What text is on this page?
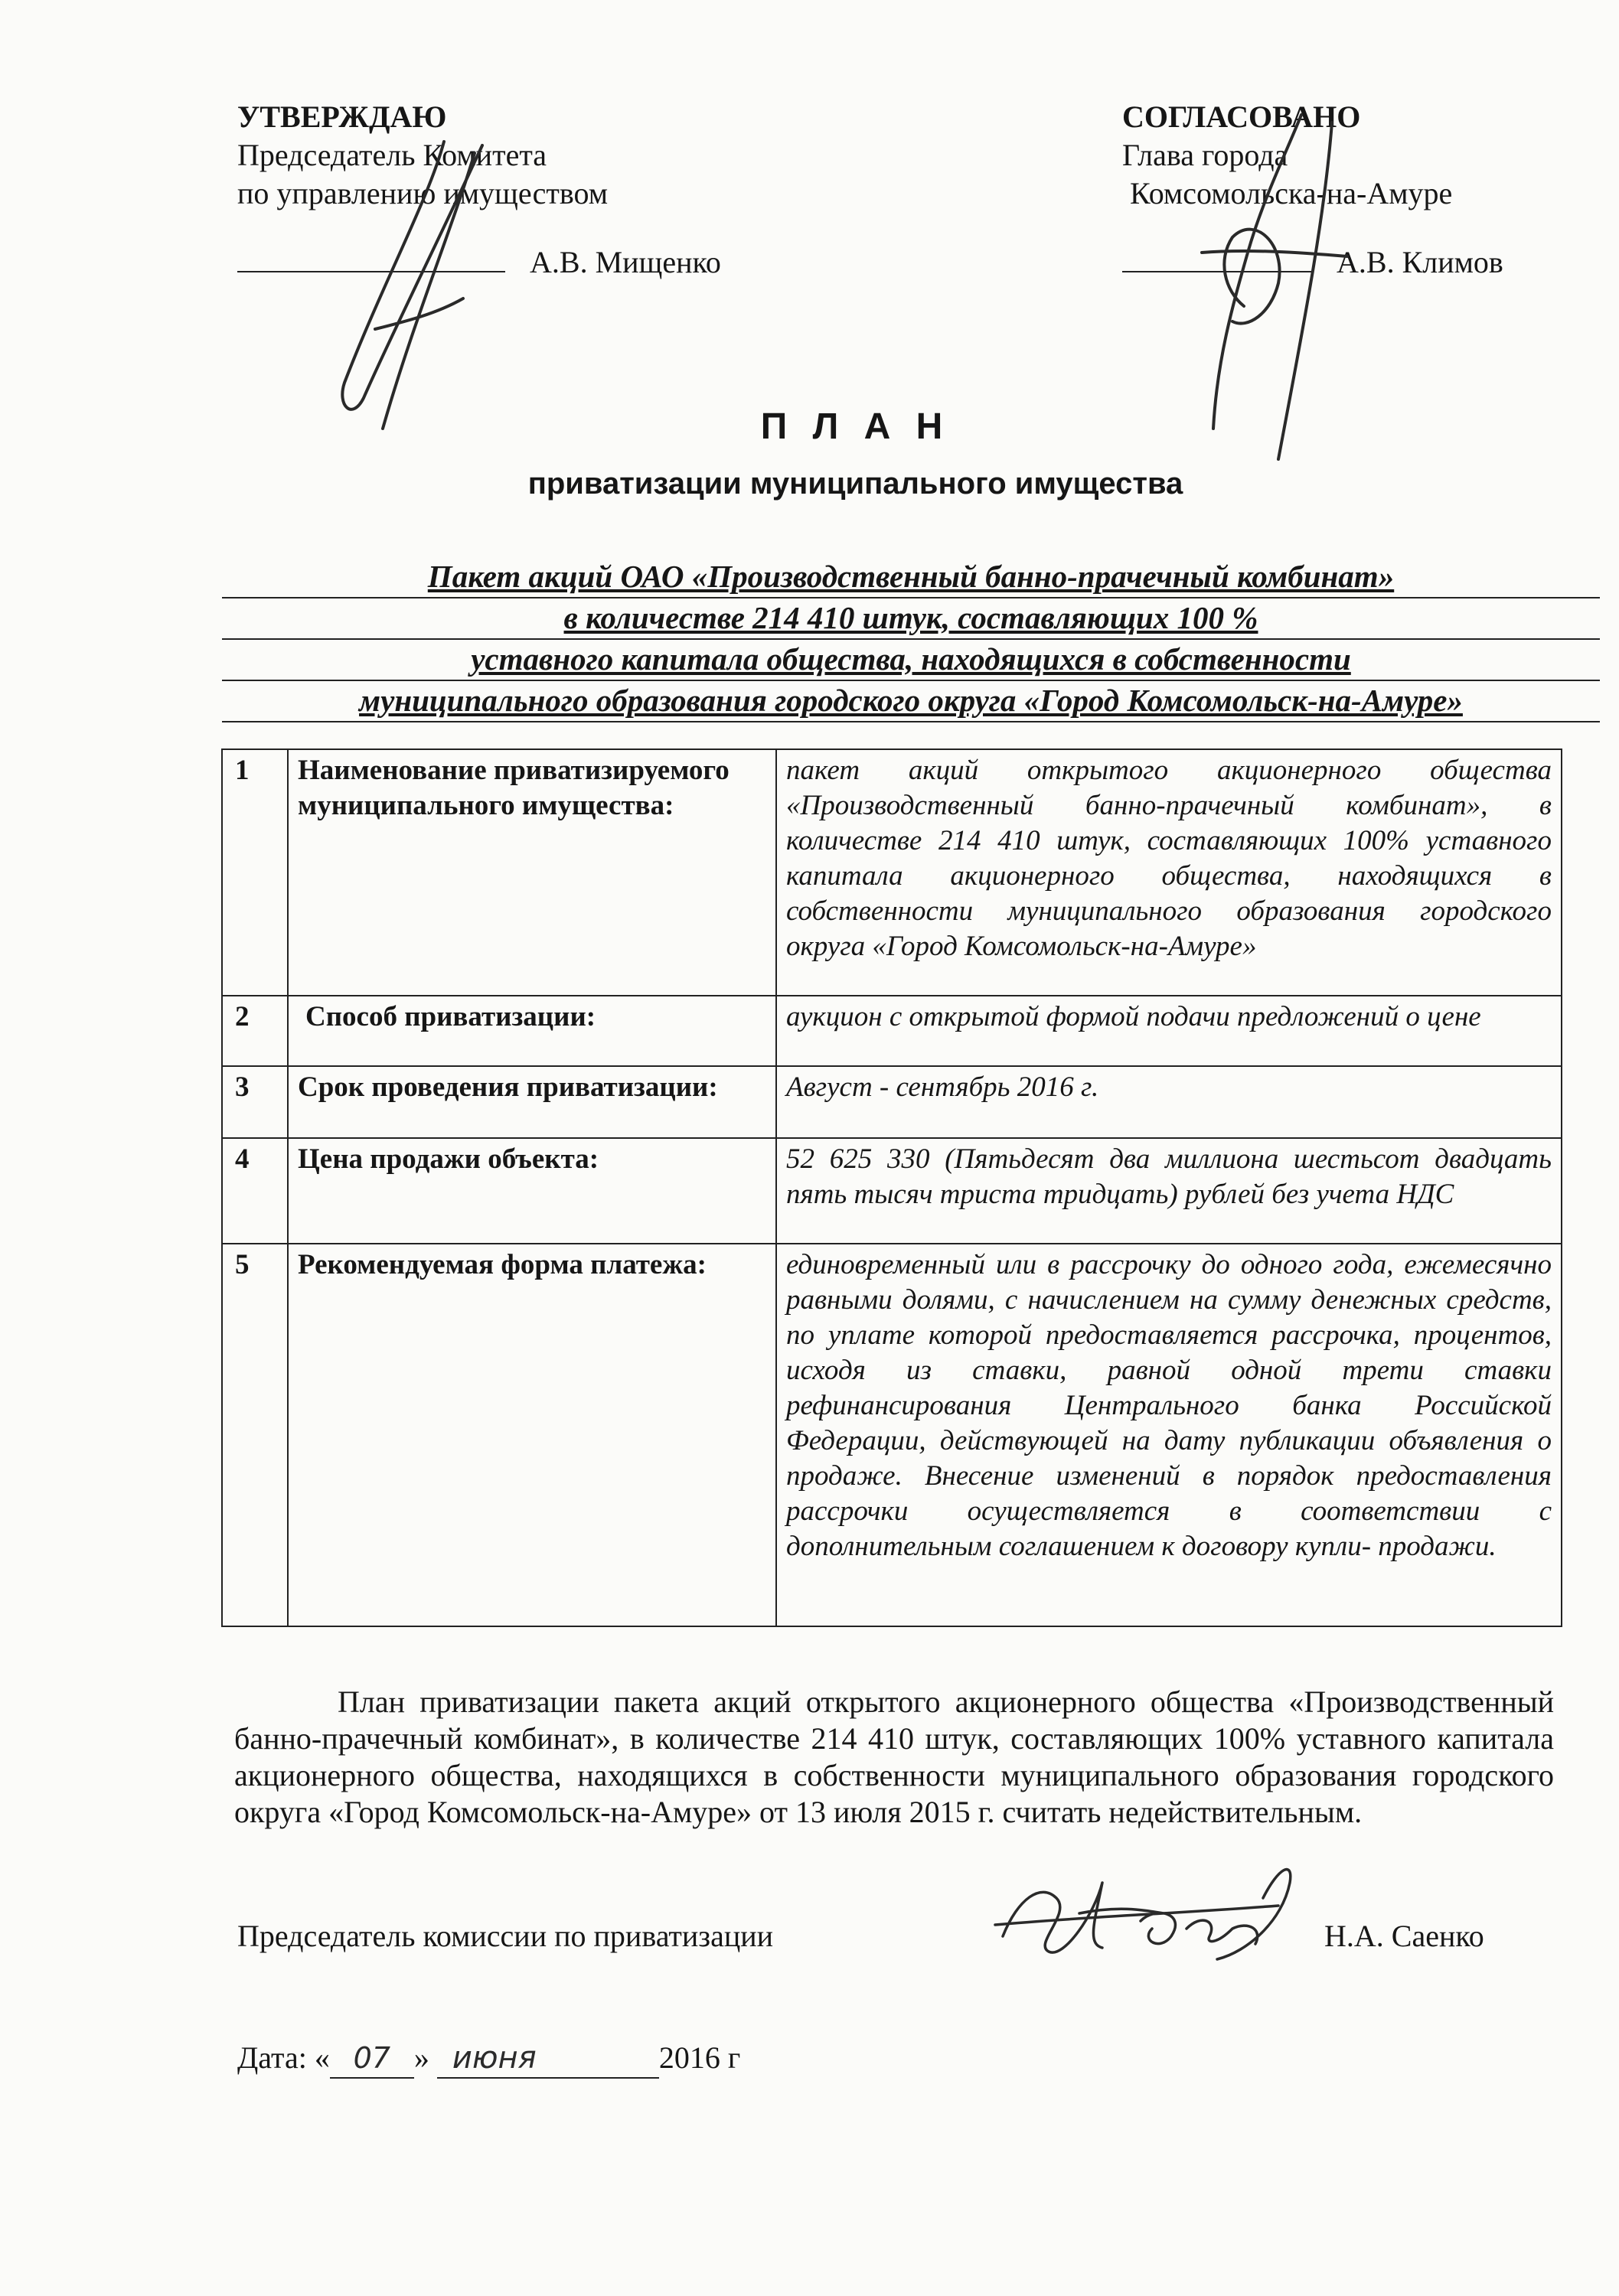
УТВЕРЖДАЮ
Председатель Комитета
по управлению имуществом
А.В. Мищенко
СОГЛАСОВАНО
Глава города
Комсомольска-на-Амуре
А.В. Климов
П Л А Н
приватизации муниципального имущества
Пакет акций ОАО «Производственный банно-прачечный комбинат»
в количестве 214 410 штук, составляющих 100 %
уставного капитала общества, находящихся в собственности
муниципального образования городского округа «Город Комсомольск-на-Амуре»
1	Наименование приватизируемого муниципального имущества:	пакет акций открытого акционерного общества «Производственный банно-прачечный комбинат», в количестве 214 410 штук, составляющих 100% уставного капитала акционерного общества, находящихся в собственности муниципального образования городского округа «Город Комсомольск-на-Амуре»
2	Способ приватизации:	аукцион с открытой формой подачи предложений о цене
3	Срок проведения приватизации:	Август - сентябрь 2016 г.
4	Цена продажи объекта:	52 625 330 (Пятьдесят два миллиона шестьсот двадцать пять тысяч триста тридцать) рублей без учета НДС
5	Рекомендуемая форма платежа:	единовременный или в рассрочку до одного года, ежемесячно равными долями, с начислением на сумму денежных средств, по уплате которой предоставляется рассрочка, процентов, исходя из ставки, равной одной трети ставки рефинансирования Центрального банка Российской Федерации, действующей на дату публикации объявления о продаже. Внесение изменений в порядок предоставления рассрочки осуществляется в соответствии с дополнительным соглашением к договору купли- продажи.
План приватизации пакета акций открытого акционерного общества «Производственный банно-прачечный комбинат», в количестве 214 410 штук, составляющих 100% уставного капитала акционерного общества, находящихся в собственности муниципального образования городского округа «Город Комсомольск-на-Амуре» от 13 июля 2015 г. считать недействительным.
Председатель комиссии по приватизации	Н.А. Саенко
Дата: « 07 » июня	2016 г
